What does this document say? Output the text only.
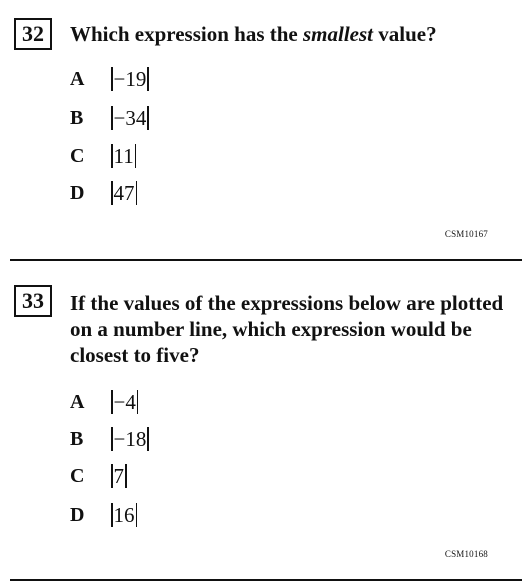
32	Which expression has the smallest value?
A −19
B −34
C 11
D 47
CSM10167
33	If the values of the expressions below are plotted
on a number line, which expression would be
closest to five?
A −4
B −18
C 7
D 16
CSM10168
